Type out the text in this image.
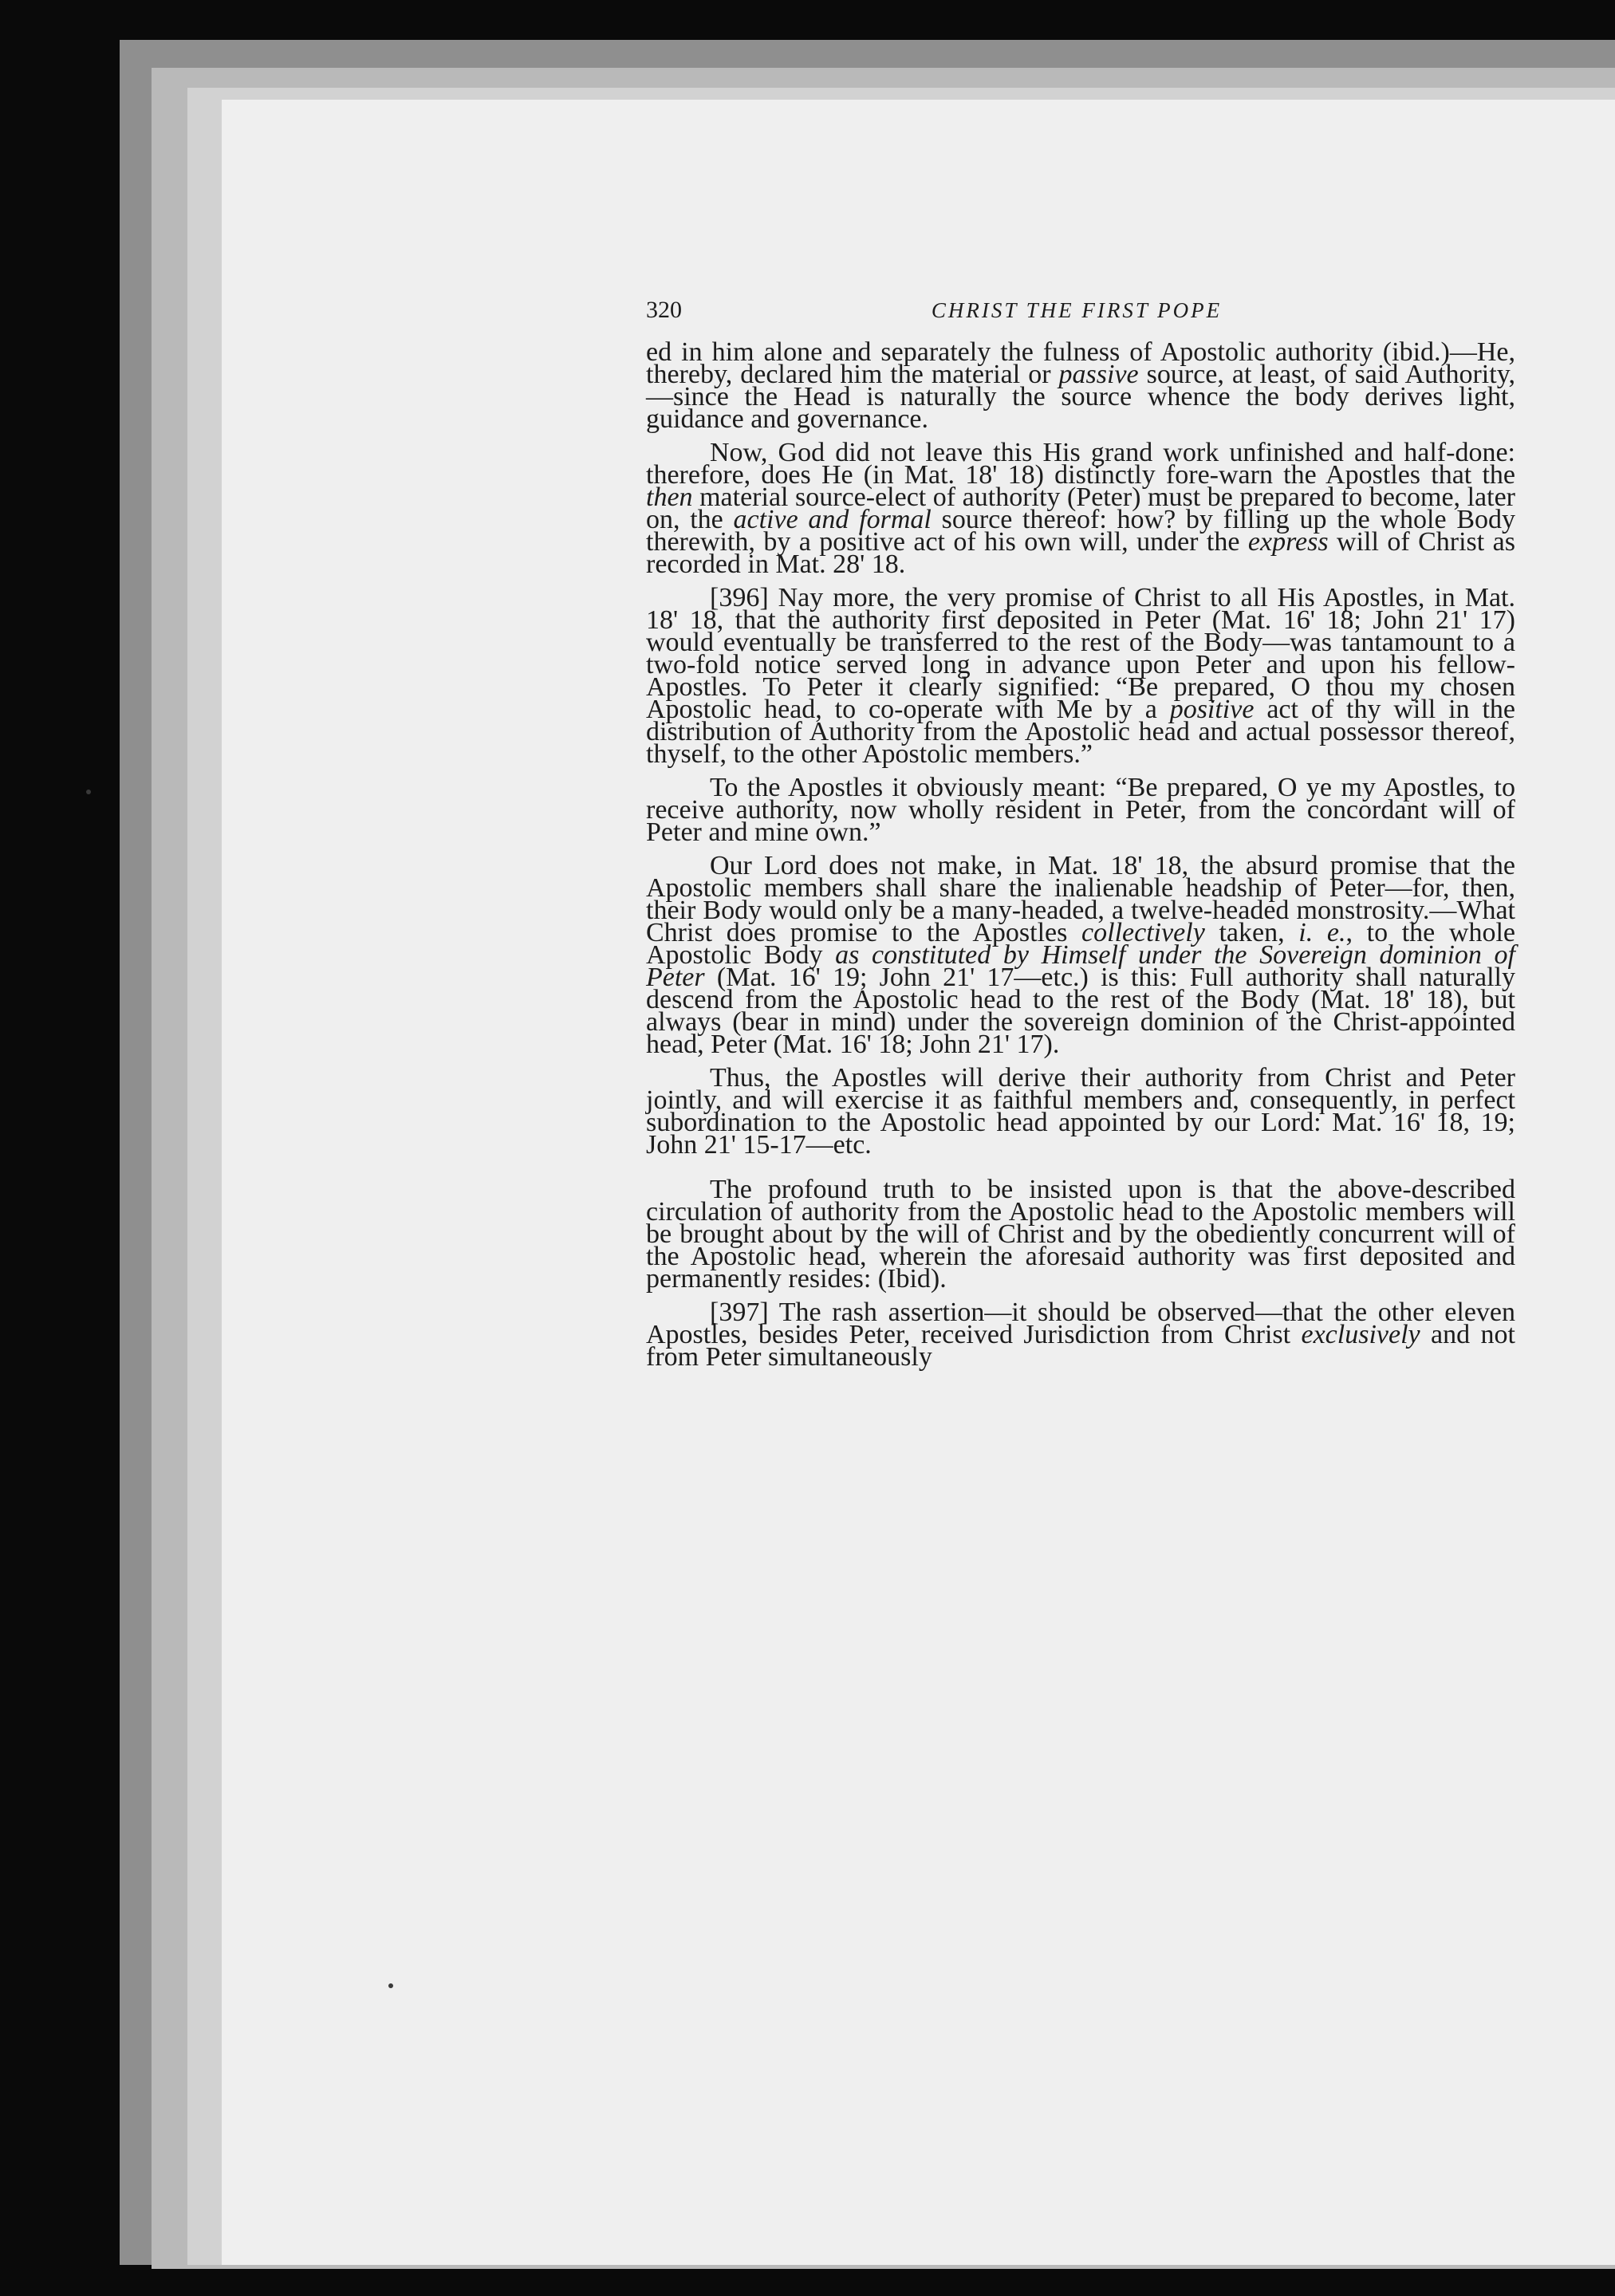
320	CHRIST THE FIRST POPE

ed in him alone and separately the fulness of Apostolic authority (ibid.)—He, thereby, declared him the material or passive source, at least, of said Authority,—since the Head is naturally the source whence the body derives light, guidance and governance.

Now, God did not leave this His grand work unfinished and half-done: therefore, does He (in Mat. 18' 18) distinctly fore-warn the Apostles that the then material source-elect of authority (Peter) must be prepared to become, later on, the active and formal source thereof: how? by filling up the whole Body therewith, by a positive act of his own will, under the express will of Christ as recorded in Mat. 28' 18.

[396] Nay more, the very promise of Christ to all His Apostles, in Mat. 18' 18, that the authority first deposited in Peter (Mat. 16' 18; John 21' 17) would eventually be transferred to the rest of the Body—was tantamount to a two-fold notice served long in advance upon Peter and upon his fellow-Apostles. To Peter it clearly signified: “Be prepared, O thou my chosen Apostolic head, to co-operate with Me by a positive act of thy will in the distribution of Authority from the Apostolic head and actual possessor thereof, thyself, to the other Apostolic members.”

To the Apostles it obviously meant: “Be prepared, O ye my Apostles, to receive authority, now wholly resident in Peter, from the concordant will of Peter and mine own.”

Our Lord does not make, in Mat. 18' 18, the absurd promise that the Apostolic members shall share the inalienable headship of Peter—for, then, their Body would only be a many-headed, a twelve-headed monstrosity.—What Christ does promise to the Apostles collectively taken, i. e., to the whole Apostolic Body as constituted by Himself under the Sovereign dominion of Peter (Mat. 16' 19; John 21' 17—etc.) is this: Full authority shall naturally descend from the Apostolic head to the rest of the Body (Mat. 18' 18), but always (bear in mind) under the sovereign dominion of the Christ-appointed head, Peter (Mat. 16' 18; John 21' 17).

Thus, the Apostles will derive their authority from Christ and Peter jointly, and will exercise it as faithful members and, consequently, in perfect subordination to the Apostolic head appointed by our Lord: Mat. 16' 18, 19; John 21' 15-17—etc.

The profound truth to be insisted upon is that the above-described circulation of authority from the Apostolic head to the Apostolic members will be brought about by the will of Christ and by the obediently concurrent will of the Apostolic head, wherein the aforesaid authority was first deposited and permanently resides: (Ibid).

[397] The rash assertion—it should be observed—that the other eleven Apostles, besides Peter, received Jurisdiction from Christ exclusively and not from Peter simultaneously
